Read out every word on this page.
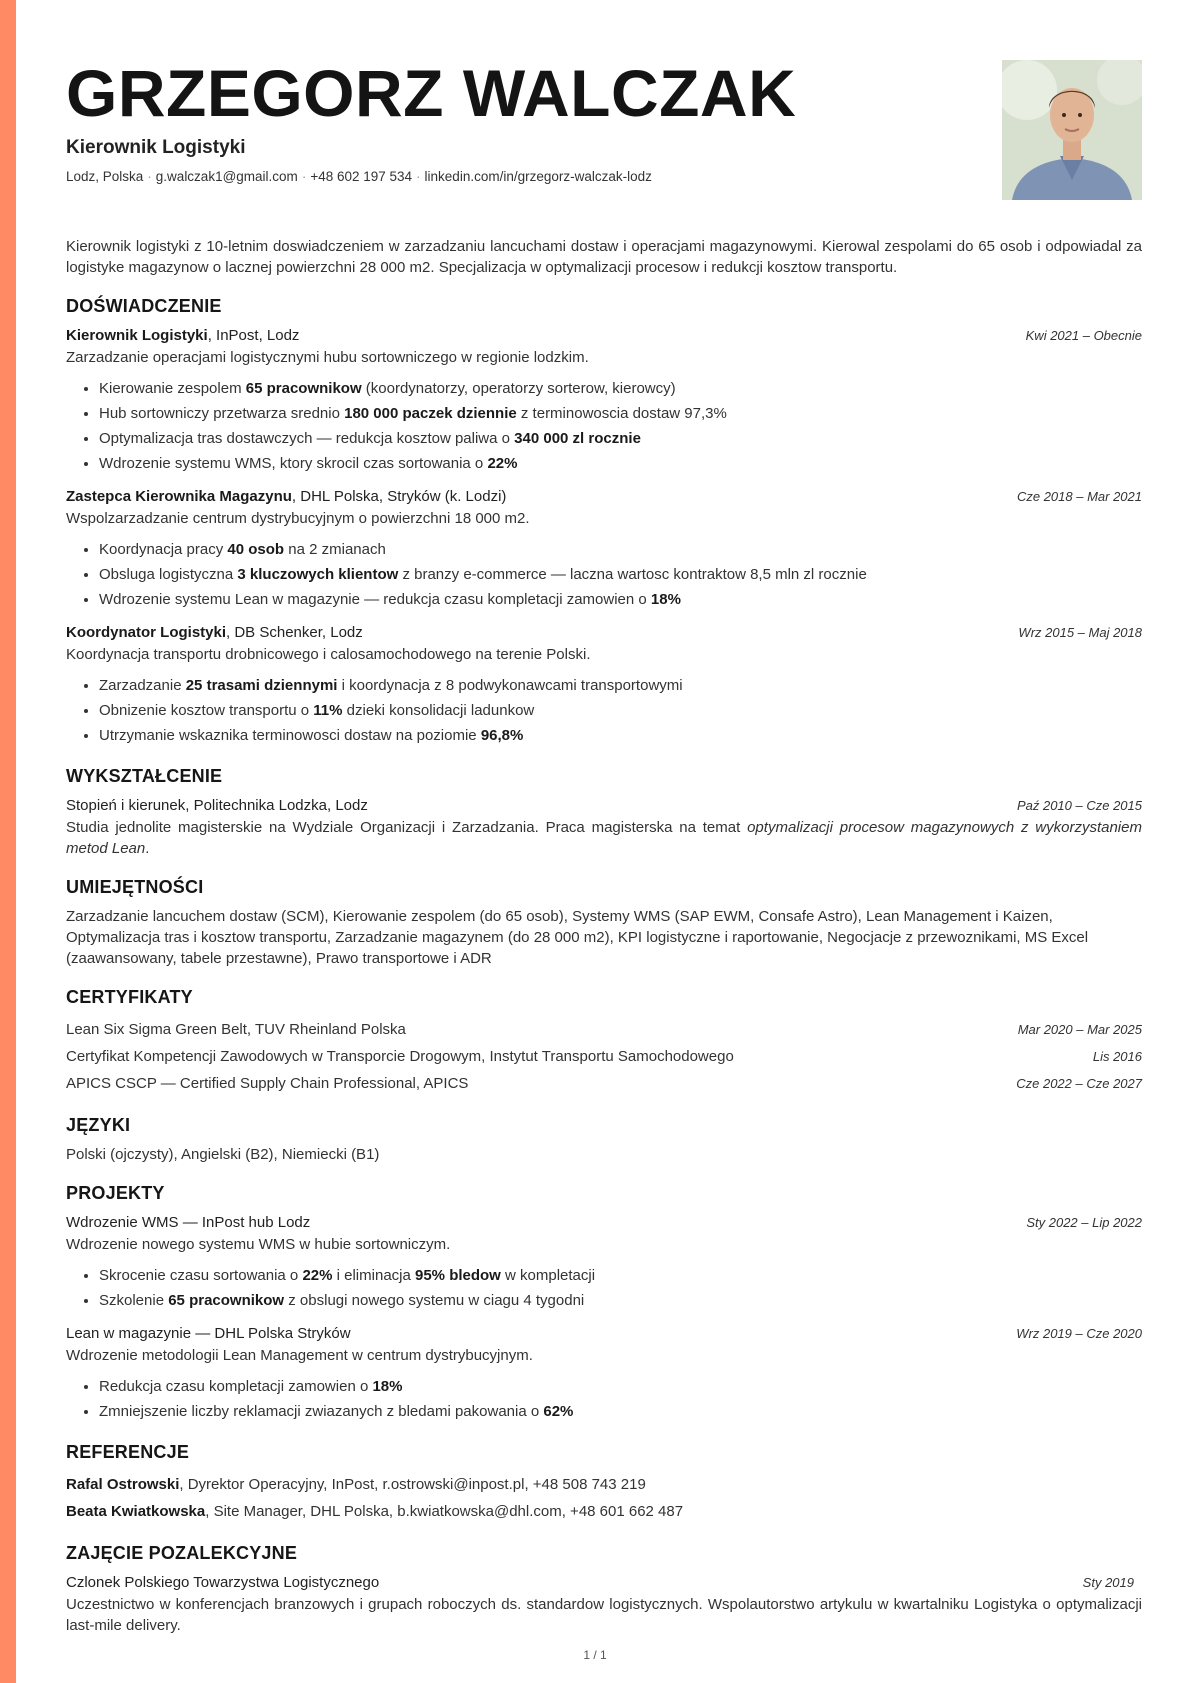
GRZEGORZ WALCZAK
Kierownik Logistyki
Lodz, Polska · g.walczak1@gmail.com · +48 602 197 534 · linkedin.com/in/grzegorz-walczak-lodz
Kierownik logistyki z 10-letnim doswiadczeniem w zarzadzaniu lancuchami dostaw i operacjami magazynowymi. Kierowal zespolami do 65 osob i odpowiadal za logistyke magazynow o lacznej powierzchni 28 000 m2. Specjalizacja w optymalizacji procesow i redukcji kosztow transportu.
DOŚWIADCZENIE
Kierownik Logistyki, InPost, Lodz	Kwi 2021 – Obecnie
Zarzadzanie operacjami logistycznymi hubu sortowniczego w regionie lodzkim.
• Kierowanie zespolem 65 pracownikow (koordynatorzy, operatorzy sorterow, kierowcy)
• Hub sortowniczy przetwarza srednio 180 000 paczek dziennie z terminowoscia dostaw 97,3%
• Optymalizacja tras dostawczych — redukcja kosztow paliwa o 340 000 zl rocznie
• Wdrozenie systemu WMS, ktory skrocil czas sortowania o 22%
Zastepca Kierownika Magazynu, DHL Polska, Stryków (k. Lodzi)	Cze 2018 – Mar 2021
Wspolzarzadzanie centrum dystrybucyjnym o powierzchni 18 000 m2.
• Koordynacja pracy 40 osob na 2 zmianach
• Obsluga logistyczna 3 kluczowych klientow z branzy e-commerce — laczna wartosc kontraktow 8,5 mln zl rocznie
• Wdrozenie systemu Lean w magazynie — redukcja czasu kompletacji zamowien o 18%
Koordynator Logistyki, DB Schenker, Lodz	Wrz 2015 – Maj 2018
Koordynacja transportu drobnicowego i calosamochodowego na terenie Polski.
• Zarzadzanie 25 trasami dziennymi i koordynacja z 8 podwykonawcami transportowymi
• Obnizenie kosztow transportu o 11% dzieki konsolidacji ladunkow
• Utrzymanie wskaznika terminowosci dostaw na poziomie 96,8%
WYKSZTAŁCENIE
Stopień i kierunek, Politechnika Lodzka, Lodz	Paź 2010 – Cze 2015
Studia jednolite magisterskie na Wydziale Organizacji i Zarzadzania. Praca magisterska na temat optymalizacji procesow magazynowych z wykorzystaniem metod Lean.
UMIEJĘTNOŚCI
Zarzadzanie lancuchem dostaw (SCM), Kierowanie zespolem (do 65 osob), Systemy WMS (SAP EWM, Consafe Astro), Lean Management i Kaizen, Optymalizacja tras i kosztow transportu, Zarzadzanie magazynem (do 28 000 m2), KPI logistyczne i raportowanie, Negocjacje z przewoznikami, MS Excel (zaawansowany, tabele przestawne), Prawo transportowe i ADR
CERTYFIKATY
Lean Six Sigma Green Belt, TUV Rheinland Polska	Mar 2020 – Mar 2025
Certyfikat Kompetencji Zawodowych w Transporcie Drogowym, Instytut Transportu Samochodowego	Lis 2016
APICS CSCP — Certified Supply Chain Professional, APICS	Cze 2022 – Cze 2027
JĘZYKI
Polski (ojczysty), Angielski (B2), Niemiecki (B1)
PROJEKTY
Wdrozenie WMS — InPost hub Lodz	Sty 2022 – Lip 2022
Wdrozenie nowego systemu WMS w hubie sortowniczym.
• Skrocenie czasu sortowania o 22% i eliminacja 95% bledow w kompletacji
• Szkolenie 65 pracownikow z obslugi nowego systemu w ciagu 4 tygodni
Lean w magazynie — DHL Polska Stryków	Wrz 2019 – Cze 2020
Wdrozenie metodologii Lean Management w centrum dystrybucyjnym.
• Redukcja czasu kompletacji zamowien o 18%
• Zmniejszenie liczby reklamacji zwiazanych z bledami pakowania o 62%
REFERENCJE
Rafal Ostrowski, Dyrektor Operacyjny, InPost, r.ostrowski@inpost.pl, +48 508 743 219
Beata Kwiatkowska, Site Manager, DHL Polska, b.kwiatkowska@dhl.com, +48 601 662 487
ZAJĘCIE POZALEKCYJNE
Czlonek Polskiego Towarzystwa Logistycznego	Sty 2019
Uczestnictwo w konferencjach branzowych i grupach roboczych ds. standardow logistycznych. Wspolautorstwo artykulu w kwartalniku Logistyka o optymalizacji last-mile delivery.
1 / 1
